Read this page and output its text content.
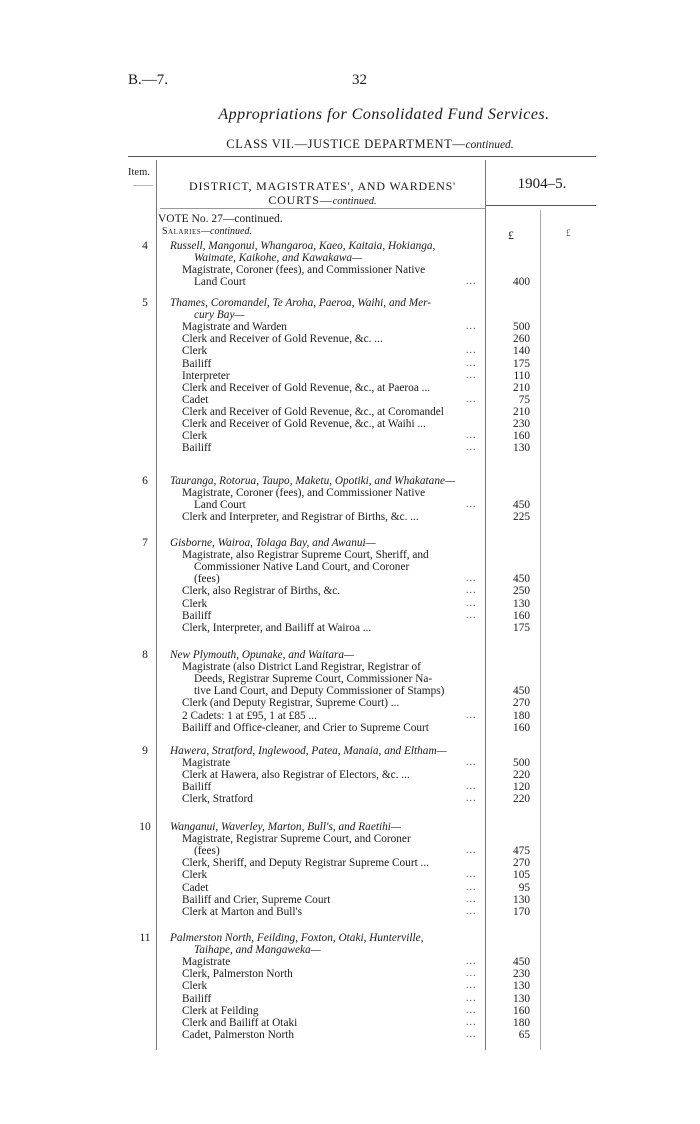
B.—7.	32
Appropriations for Consolidated Fund Services.
CLASS VII.—JUSTICE DEPARTMENT—continued.
Item.
——	DISTRICT, MAGISTRATES', AND WARDENS'
COURTS—continued.
1904–5.
VOTE No. 27—continued.
Salaries—continued.	£	£
4	Russell, Mangonui, Whangaroa, Kaeo, Kaitaia, Hokianga,
Waimate, Kaikohe, and Kawakawa—
Magistrate, Coroner (fees), and Commissioner Native
Land Court	...	400
5	Thames, Coromandel, Te Aroha, Paeroa, Waihi, and Mer-
cury Bay—
Magistrate and Warden	...	500
Clerk and Receiver of Gold Revenue, &c. ...	260
Clerk	...	140
Bailiff	...	175
Interpreter	...	110
Clerk and Receiver of Gold Revenue, &c., at Paeroa ...	210
Cadet	...	75
Clerk and Receiver of Gold Revenue, &c., at Coromandel	210
Clerk and Receiver of Gold Revenue, &c., at Waihi ...	230
Clerk	...	160
Bailiff	...	130
6	Tauranga, Rotorua, Taupo, Maketu, Opotiki, and Whakatane—
Magistrate, Coroner (fees), and Commissioner Native
Land Court	...	450
Clerk and Interpreter, and Registrar of Births, &c. ...	225
7	Gisborne, Wairoa, Tolaga Bay, and Awanui—
Magistrate, also Registrar Supreme Court, Sheriff, and
Commissioner Native Land Court, and Coroner
(fees)	...	450
Clerk, also Registrar of Births, &c.	...	250
Clerk	...	130
Bailiff	...	160
Clerk, Interpreter, and Bailiff at Wairoa ...	175
8	New Plymouth, Opunake, and Waitara—
Magistrate (also District Land Registrar, Registrar of
Deeds, Registrar Supreme Court, Commissioner Na-
tive Land Court, and Deputy Commissioner of Stamps)	450
Clerk (and Deputy Registrar, Supreme Court) ...	270
2 Cadets: 1 at £95, 1 at £85 ...	...	180
Bailiff and Office-cleaner, and Crier to Supreme Court	160
9	Hawera, Stratford, Inglewood, Patea, Manaia, and Eltham—
Magistrate	...	500
Clerk at Hawera, also Registrar of Electors, &c. ...	220
Bailiff	...	120
Clerk, Stratford	...	220
10 Wanganui, Waverley, Marton, Bull's, and Raetihi—
Magistrate, Registrar Supreme Court, and Coroner
(fees)	...	475
Clerk, Sheriff, and Deputy Registrar Supreme Court ...	270
Clerk	...	105
Cadet	...	95
Bailiff and Crier, Supreme Court	...	130
Clerk at Marton and Bull's	...	170
11 Palmerston North, Feilding, Foxton, Otaki, Hunterville,
Taihape, and Mangaweka—
Magistrate	...	450
Clerk, Palmerston North	...	230
Clerk	...	130
Bailiff	...	130
Clerk at Feilding	...	160
Clerk and Bailiff at Otaki	...	180
Cadet, Palmerston North	...	65
